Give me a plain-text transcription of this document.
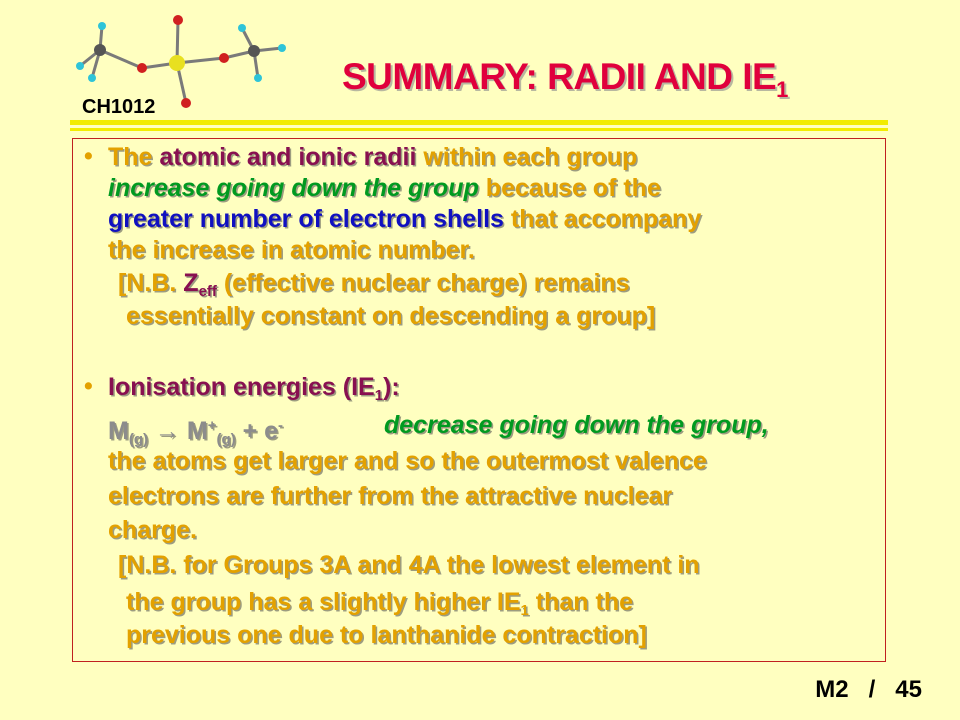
CH1012
SUMMARY: RADII AND $IE_1$
• The atomic and ionic radii within each group
increase going down the group because of the
greater number of electron shells that accompany
the increase in atomic number.
[N.B. $Z_{eff}$ (effective nuclear charge) remains
essentially constant on descending a group]
• Ionisation energies $(IE_1)$:
$M_{(g)} \to M^+_{(g)} + e^-$	decrease going down the group,
the atoms get larger and so the outermost valence
electrons are further from the attractive nuclear
charge.
[N.B. for Groups 3A and 4A the lowest element in
the group has a slightly higher $IE_1$ than the
previous one due to lanthanide contraction]
M2   /   45
